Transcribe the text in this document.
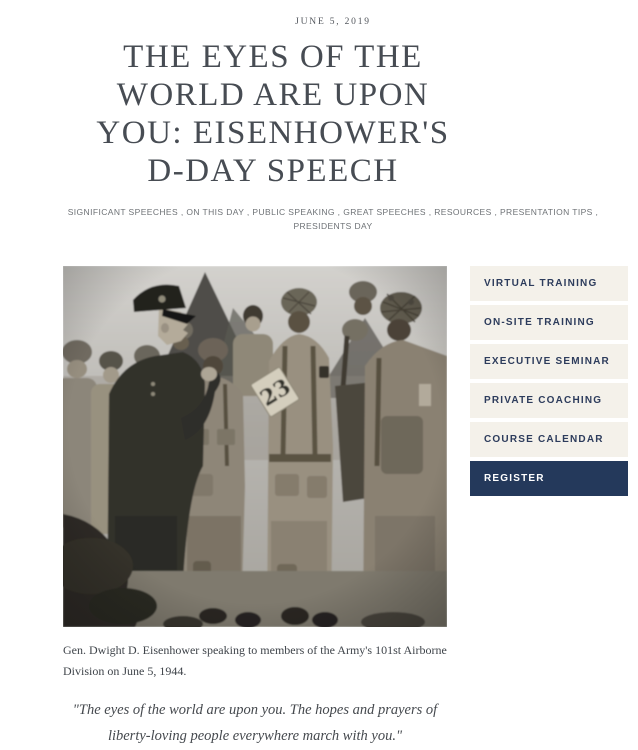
JUNE 5, 2019
THE EYES OF THE
WORLD ARE UPON
YOU: EISENHOWER'S
D-DAY SPEECH
SIGNIFICANT SPEECHES , ON THIS DAY , PUBLIC SPEAKING , GREAT SPEECHES , RESOURCES , PRESENTATION TIPS ,
PRESIDENTS DAY
Gen. Dwight D. Eisenhower speaking to members of the Army's 101st Airborne
Division on June 5, 1944.
"The eyes of the world are upon you. The hopes and prayers of
liberty-loving people everywhere march with you."
VIRTUAL TRAINING
ON-SITE TRAINING
EXECUTIVE SEMINAR
PRIVATE COACHING
COURSE CALENDAR
REGISTER
